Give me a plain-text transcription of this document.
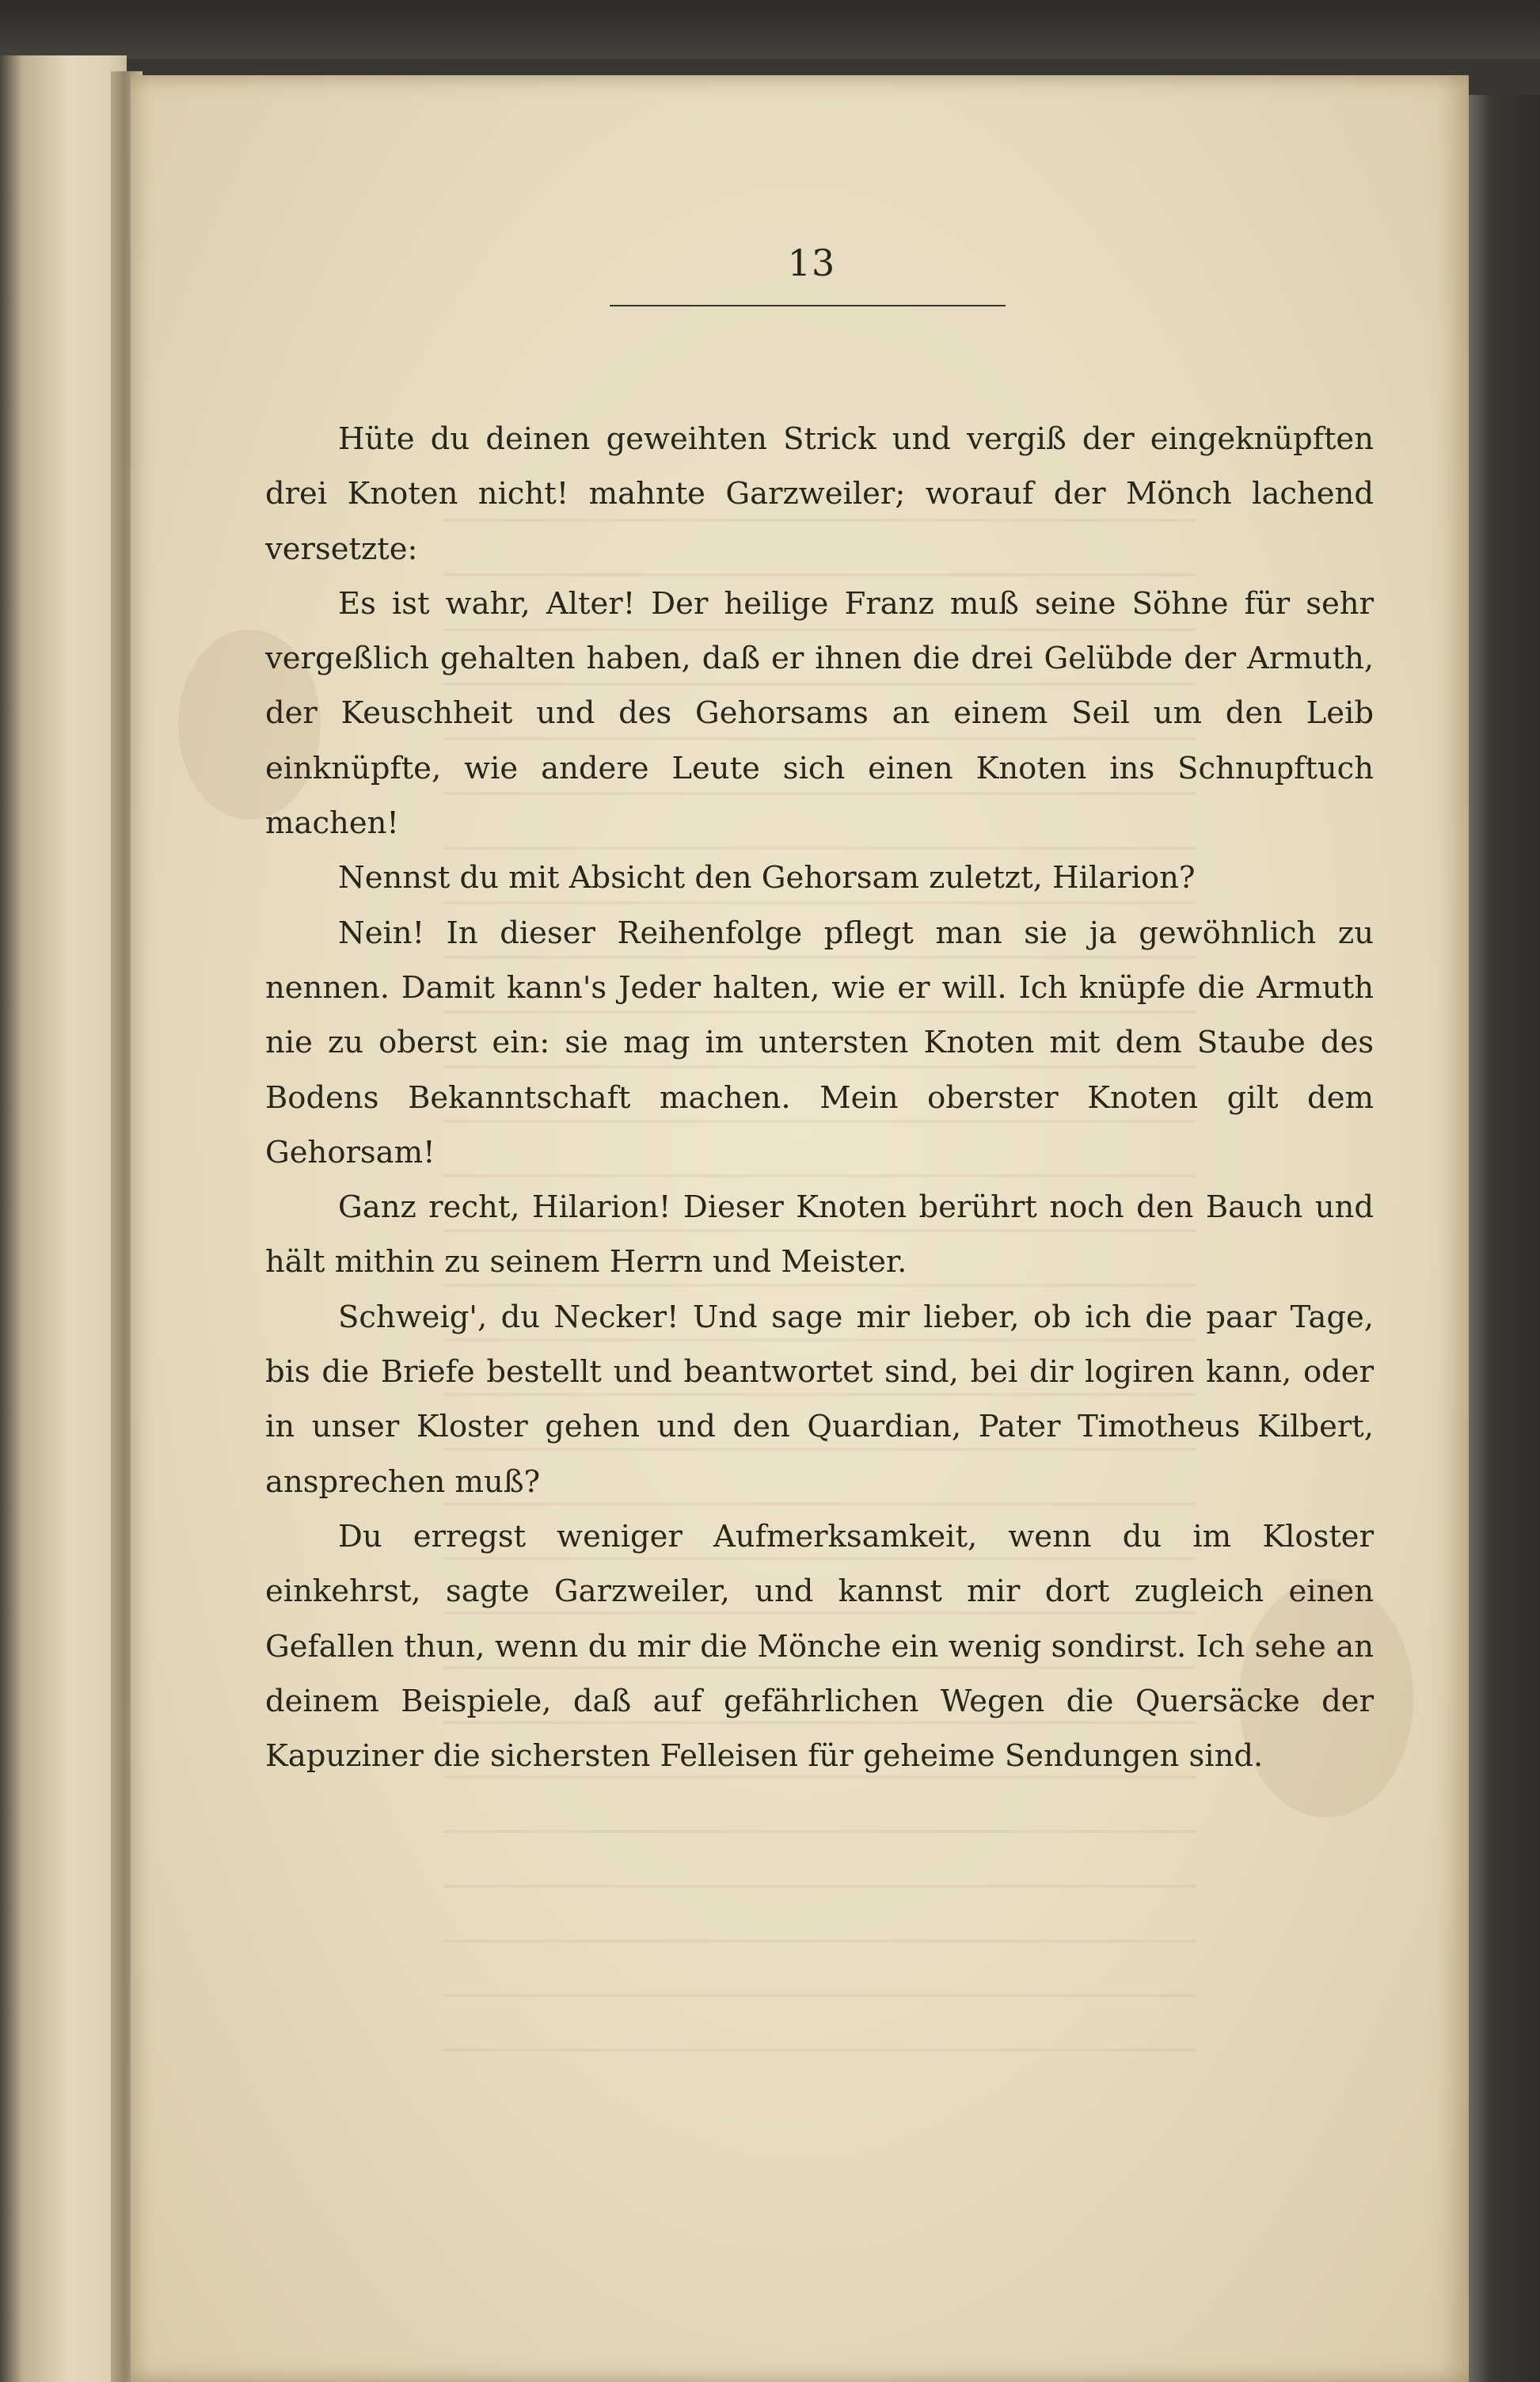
13

Hüte du deinen geweihten Strick und vergiß der eingeknüpften drei Knoten nicht! mahnte Garzweiler; worauf der Mönch lachend versetzte:

Es ist wahr, Alter! Der heilige Franz muß seine Söhne für sehr vergeßlich gehalten haben, daß er ihnen die drei Gelübde der Armuth, der Keuschheit und des Gehorsams an einem Seil um den Leib einknüpfte, wie andere Leute sich einen Knoten ins Schnupftuch machen!

Nennst du mit Absicht den Gehorsam zuletzt, Hilarion?

Nein! In dieser Reihenfolge pflegt man sie ja gewöhnlich zu nennen. Damit kann's Jeder halten, wie er will. Ich knüpfe die Armuth nie zu oberst ein: sie mag im untersten Knoten mit dem Staube des Bodens Bekanntschaft machen. Mein oberster Knoten gilt dem Gehorsam!

Ganz recht, Hilarion! Dieser Knoten berührt noch den Bauch und hält mithin zu seinem Herrn und Meister.

Schweig', du Necker! Und sage mir lieber, ob ich die paar Tage, bis die Briefe bestellt und beantwortet sind, bei dir logiren kann, oder in unser Kloster gehen und den Quardian, Pater Timotheus Kilbert, ansprechen muß?

Du erregst weniger Aufmerksamkeit, wenn du im Kloster einkehrst, sagte Garzweiler, und kannst mir dort zugleich einen Gefallen thun, wenn du mir die Mönche ein wenig sondirst. Ich sehe an deinem Beispiele, daß auf gefährlichen Wegen die Quersäcke der Kapuziner die sichersten Felleisen für geheime Sendungen sind.
